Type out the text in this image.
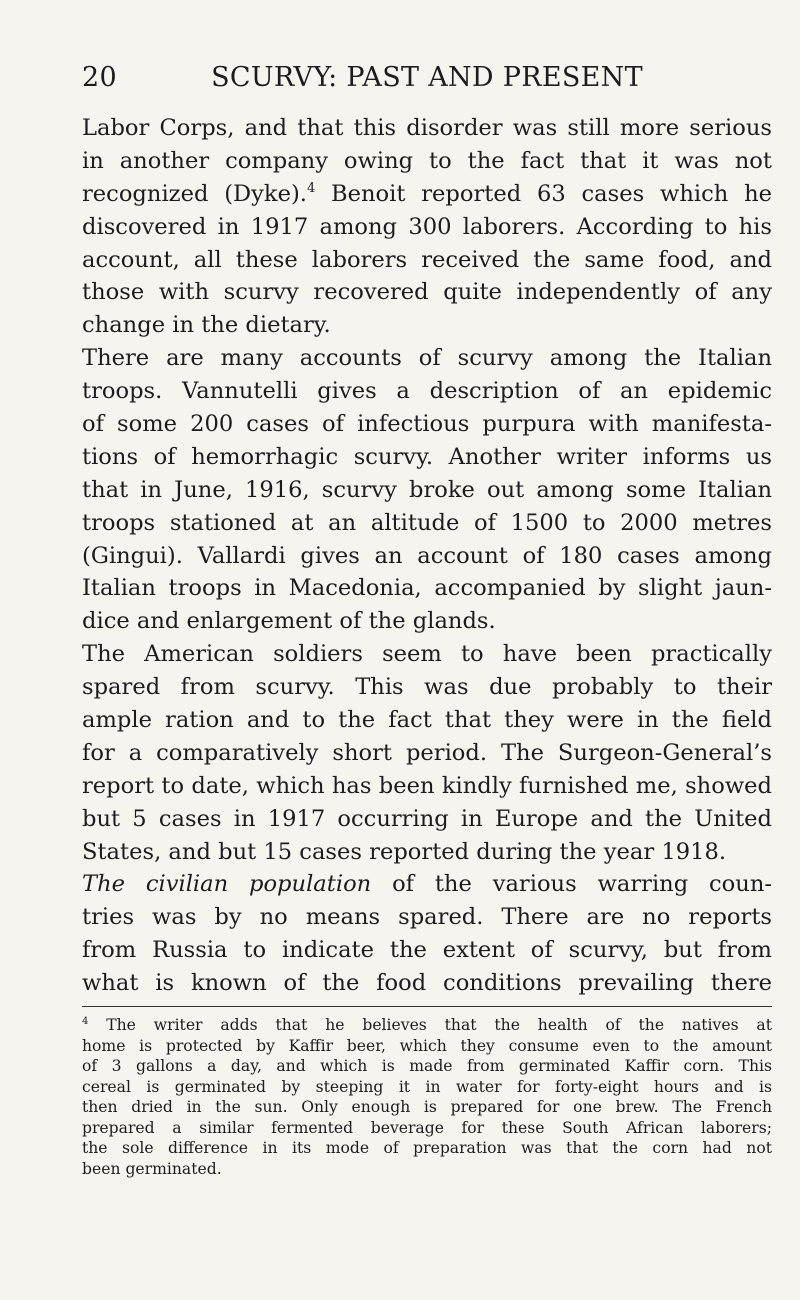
20	SCURVY: PAST AND PRESENT
Labor Corps, and that this disorder was still more serious
in another company owing to the fact that it was not
recognized (Dyke).$^4$ Benoit reported 63 cases which he
discovered in 1917 among 300 laborers. According to his
account, all these laborers received the same food, and
those with scurvy recovered quite independently of any
change in the dietary.
There are many accounts of scurvy among the Italian
troops. Vannutelli gives a description of an epidemic
of some 200 cases of infectious purpura with manifesta-
tions of hemorrhagic scurvy. Another writer informs us
that in June, 1916, scurvy broke out among some Italian
troops stationed at an altitude of 1500 to 2000 metres
(Gingui). Vallardi gives an account of 180 cases among
Italian troops in Macedonia, accompanied by slight jaun-
dice and enlargement of the glands.
The American soldiers seem to have been practically
spared from scurvy. This was due probably to their
ample ration and to the fact that they were in the field
for a comparatively short period. The Surgeon-General’s
report to date, which has been kindly furnished me, showed
but 5 cases in 1917 occurring in Europe and the United
States, and but 15 cases reported during the year 1918.
The civilian population of the various warring coun-
tries was by no means spared. There are no reports
from Russia to indicate the extent of scurvy, but from
what is known of the food conditions prevailing there
$^4$ The writer adds that he believes that the health of the natives at
home is protected by Kaffir beer, which they consume even to the amount
of 3 gallons a day, and which is made from germinated Kaffir corn. This
cereal is germinated by steeping it in water for forty-eight hours and is
then dried in the sun. Only enough is prepared for one brew. The French
prepared a similar fermented beverage for these South African laborers;
the sole difference in its mode of preparation was that the corn had not
been germinated.
